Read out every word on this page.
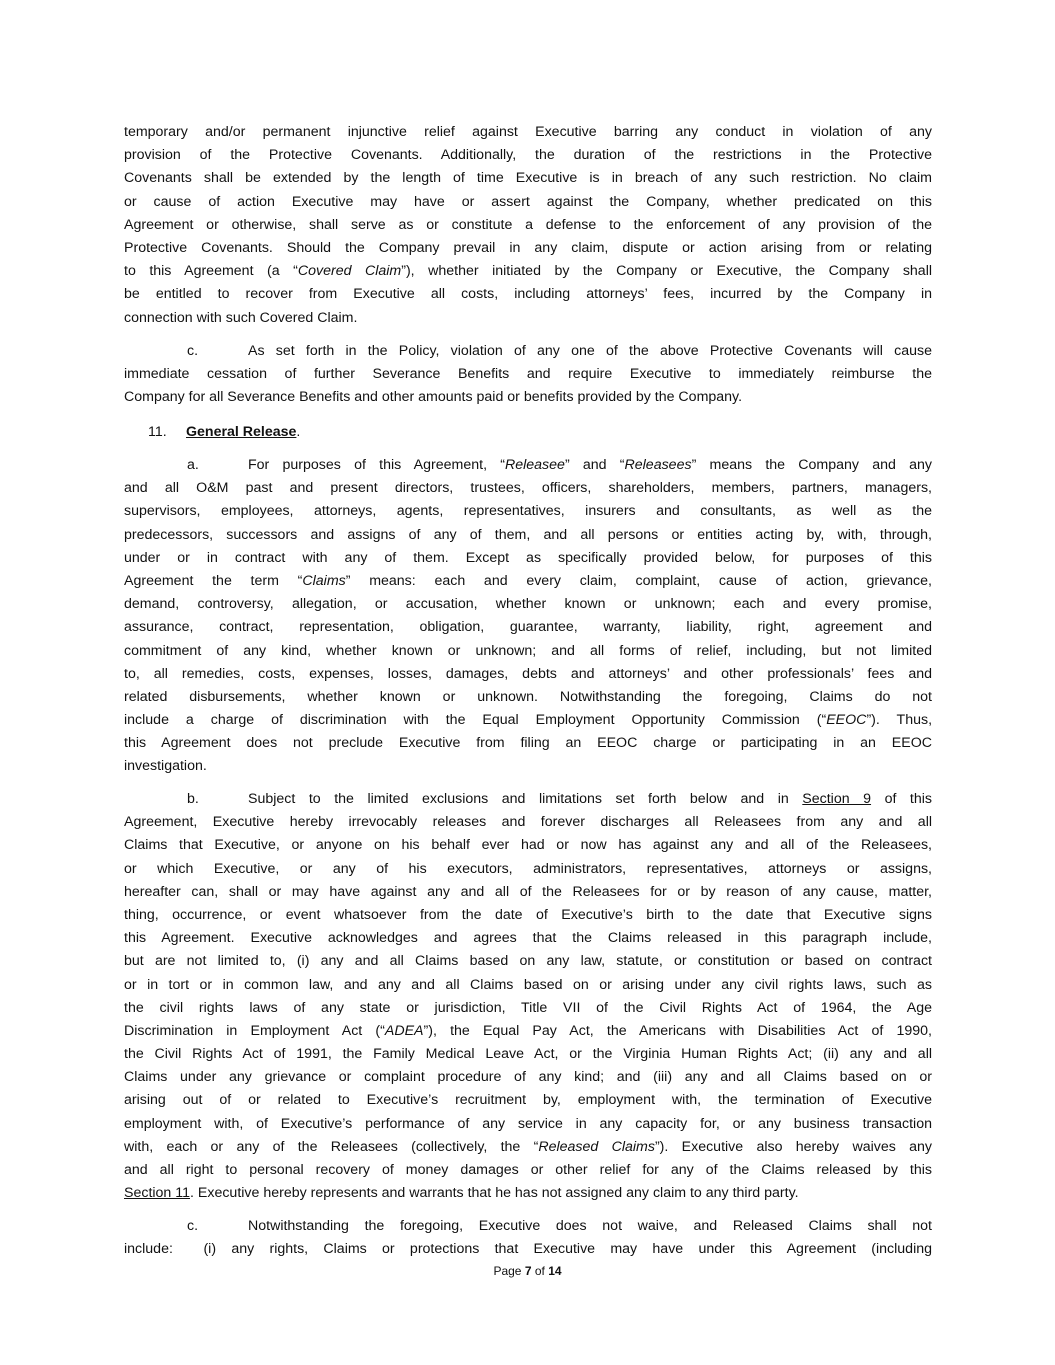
temporary and/or permanent injunctive relief against Executive barring any conduct in violation of any
provision of the Protective Covenants. Additionally, the duration of the restrictions in the Protective
Covenants shall be extended by the length of time Executive is in breach of any such restriction. No claim
or cause of action Executive may have or assert against the Company, whether predicated on this
Agreement or otherwise, shall serve as or constitute a defense to the enforcement of any provision of the
Protective Covenants. Should the Company prevail in any claim, dispute or action arising from or relating
to this Agreement (a “Covered Claim”), whether initiated by the Company or Executive, the Company shall
be entitled to recover from Executive all costs, including attorneys’ fees, incurred by the Company in
connection with such Covered Claim.
c.	As set forth in the Policy, violation of any one of the above Protective Covenants will cause
immediate cessation of further Severance Benefits and require Executive to immediately reimburse the
Company for all Severance Benefits and other amounts paid or benefits provided by the Company.
11. General Release.
a.	For purposes of this Agreement, “Releasee” and “Releasees” means the Company and any
and all O&M past and present directors, trustees, officers, shareholders, members, partners, managers,
supervisors, employees, attorneys, agents, representatives, insurers and consultants, as well as the
predecessors, successors and assigns of any of them, and all persons or entities acting by, with, through,
under or in contract with any of them. Except as specifically provided below, for purposes of this
Agreement the term “Claims” means: each and every claim, complaint, cause of action, grievance,
demand, controversy, allegation, or accusation, whether known or unknown; each and every promise,
assurance, contract, representation, obligation, guarantee, warranty, liability, right, agreement and
commitment of any kind, whether known or unknown; and all forms of relief, including, but not limited
to, all remedies, costs, expenses, losses, damages, debts and attorneys’ and other professionals’ fees and
related disbursements, whether known or unknown. Notwithstanding the foregoing, Claims do not
include a charge of discrimination with the Equal Employment Opportunity Commission (“EEOC”). Thus,
this Agreement does not preclude Executive from filing an EEOC charge or participating in an EEOC
investigation.
b.	Subject to the limited exclusions and limitations set forth below and in Section 9 of this
Agreement, Executive hereby irrevocably releases and forever discharges all Releasees from any and all
Claims that Executive, or anyone on his behalf ever had or now has against any and all of the Releasees,
or which Executive, or any of his executors, administrators, representatives, attorneys or assigns,
hereafter can, shall or may have against any and all of the Releasees for or by reason of any cause, matter,
thing, occurrence, or event whatsoever from the date of Executive’s birth to the date that Executive signs
this Agreement. Executive acknowledges and agrees that the Claims released in this paragraph include,
but are not limited to, (i) any and all Claims based on any law, statute, or constitution or based on contract
or in tort or in common law, and any and all Claims based on or arising under any civil rights laws, such as
the civil rights laws of any state or jurisdiction, Title VII of the Civil Rights Act of 1964, the Age
Discrimination in Employment Act (“ADEA”), the Equal Pay Act, the Americans with Disabilities Act of 1990,
the Civil Rights Act of 1991, the Family Medical Leave Act, or the Virginia Human Rights Act; (ii) any and all
Claims under any grievance or complaint procedure of any kind; and (iii) any and all Claims based on or
arising out of or related to Executive’s recruitment by, employment with, the termination of Executive
employment with, of Executive’s performance of any service in any capacity for, or any business transaction
with, each or any of the Releasees (collectively, the “Released Claims”). Executive also hereby waives any
and all right to personal recovery of money damages or other relief for any of the Claims released by this
Section 11. Executive hereby represents and warrants that he has not assigned any claim to any third party.
c.	Notwithstanding the foregoing, Executive does not waive, and Released Claims shall not
include:  (i) any rights, Claims or protections that Executive may have under this Agreement (including
Page 7 of 14
